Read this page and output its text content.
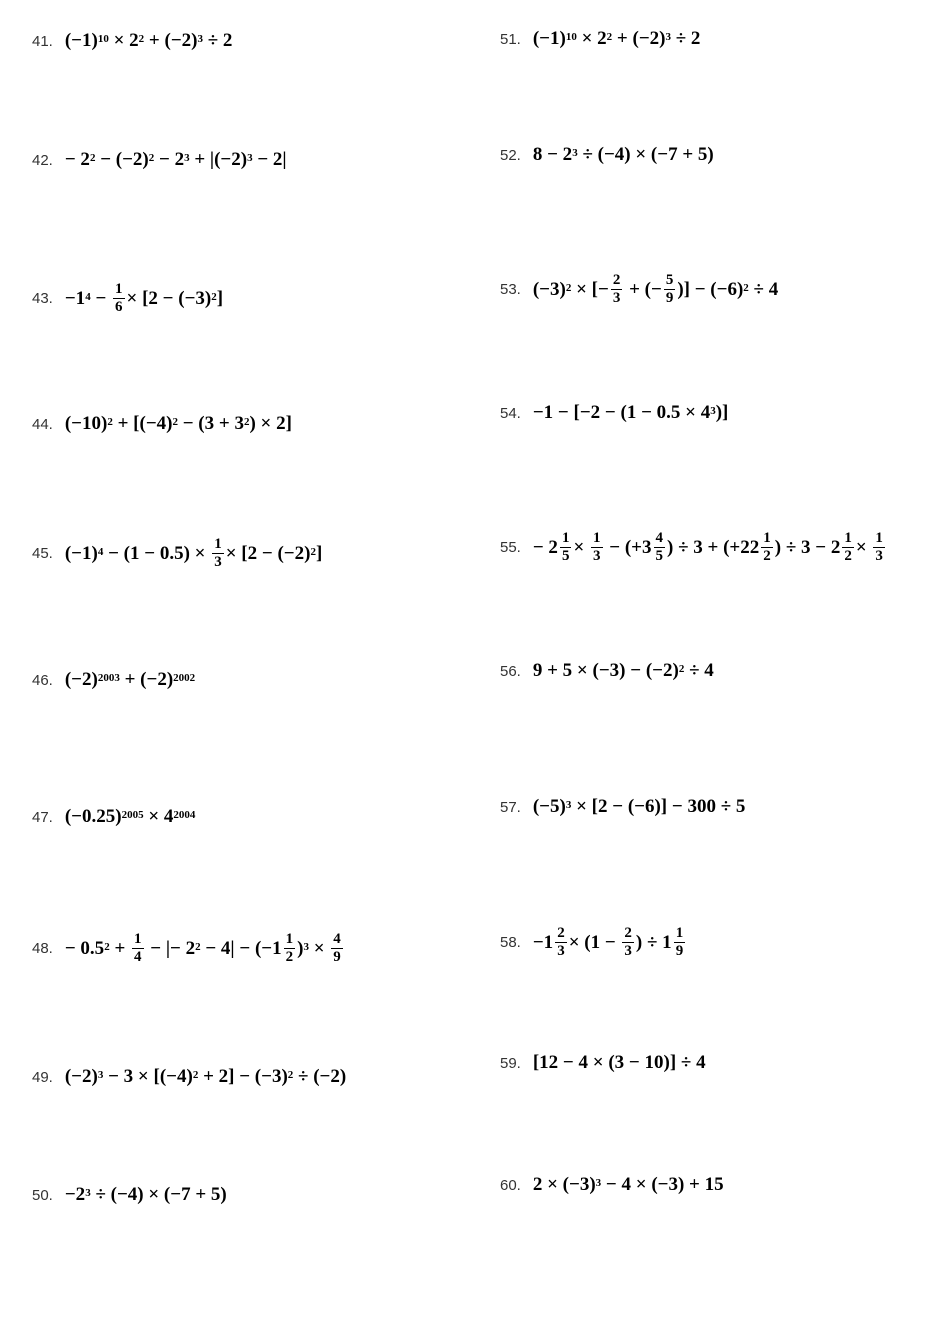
41. $(-1)^{10} \times 2^2 + (-2)^3 \div 2$
42. − $2^2 - (-2)^2 - 2^3 + |(-2)^3 - 2|$
43. $-1^4 - \frac{1}{6} \times [2 - (-3)^2$ ]
44. $(-10)^2 + [(-4)^2 - (3 + 3^2$ ) × 2]
45. $(-1)^4 - (1 - 0.5) \times \frac{1}{3} \times [2 - (-2)^2$ ]
46. $(-2)^{2003} + (-2)^{2002}$
47. $(-0.25)^{2005} \times 4^{2004}$
48. − $0.5^2 + \frac{1}{4}$ − |− $2^2 - 4| - (-1 \frac{1}{2} )^3 \times \frac{4}{9}$
49. $(-2)^3 - 3 \times [(-4)^2 + 2] - (-3)^2 \div (-2)$
50. $-2^3 \div (-4) \times (-7 + 5)$
51. $(-1)^{10} \times 2^2 + (-2)^3 \div 2$
52. $8 - 2^3 \div (-4) \times (-7 + 5)$
53. $(-3)^2$ × [− $\frac{2}{3}$ + (− $\frac{5}{9}$ )] − $(-6)^2 \div 4$
54. $-1 - [-2 - (1 - 0.5 \times 4^3$ )]
55. − $2 \frac{1}{5} \times \frac{1}{3} - (+3 \frac{4}{5}$ ) ÷ $3 + (+22 \frac{1}{2}$ ) ÷ $3 - 2 \frac{1}{2} \times \frac{1}{3}$
56. $9 + 5 \times (-3) - (-2)^2 \div 4$
57. $(-5)^3 \times [2 - (-6)] - 300 \div 5$
58. $-1 \frac{2}{3} \times (1 - \frac{2}{3}$ ) ÷ $1 \frac{1}{9}$
59. [12 − 4 × (3 − 10)] ÷ 4
60. $2 \times (-3)^3 - 4 \times (-3) + 15$
